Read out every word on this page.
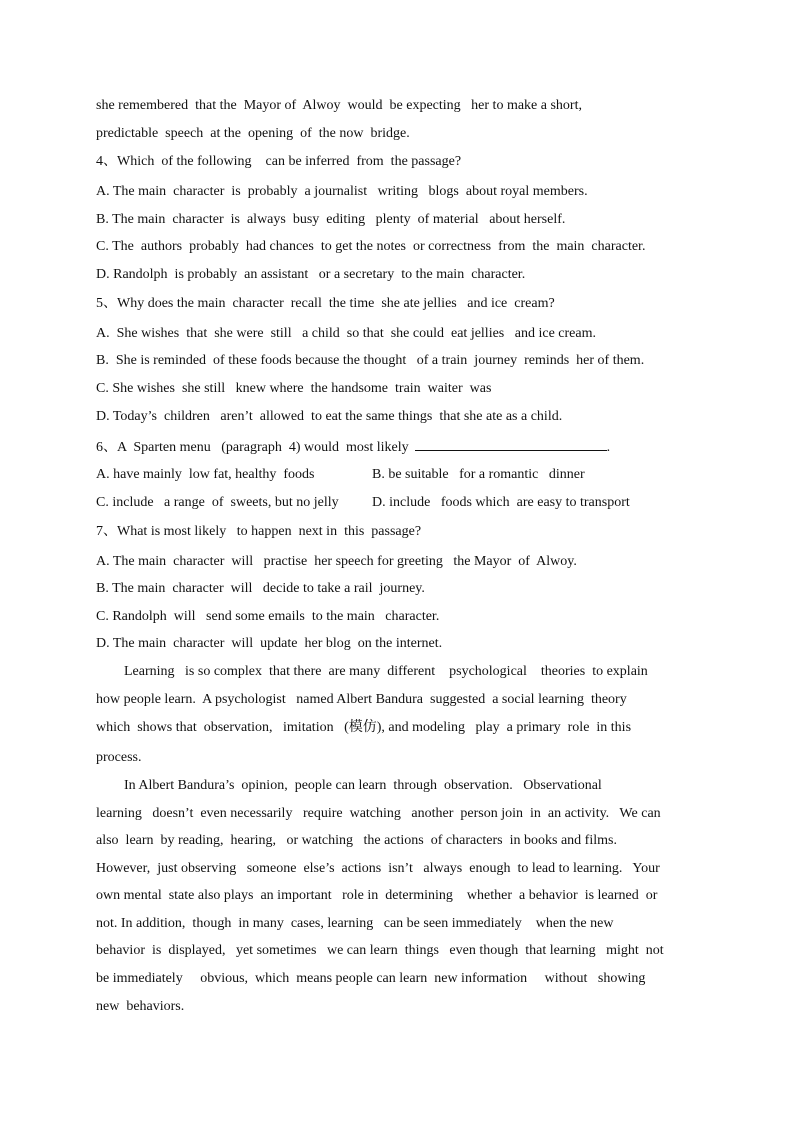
she remembered  that the  Mayor of  Alwoy  would  be expecting   her to make a short,
predictable  speech  at the  opening  of  the now  bridge.
4、Which  of the following    can be inferred  from  the passage?
A. The main  character  is  probably  a journalist   writing   blogs  about royal members.
B. The main  character  is  always  busy  editing   plenty  of material   about herself.
C. The  authors  probably  had chances  to get the notes  or correctness  from  the  main  character.
D. Randolph  is probably  an assistant   or a secretary  to the main  character.
5、Why does the main  character  recall  the time  she ate jellies   and ice  cream?
A.  She wishes  that  she were  still   a child  so that  she could  eat jellies   and ice cream.
B.  She is reminded  of these foods because the thought   of a train  journey  reminds  her of them.
C. She wishes  she still   knew where  the handsome  train  waiter  was
D. Today’s  children   aren’t  allowed  to eat the same things  that she ate as a child.
6、A  Sparten menu   (paragraph  4) would  most likely	.
A. have mainly  low fat, healthy  foods	B. be suitable   for a romantic   dinner
C. include   a range  of  sweets, but no jelly D. include   foods which  are easy to transport
7、What is most likely   to happen  next in  this  passage?
A. The main  character  will   practise  her speech for greeting   the Mayor  of  Alwoy.
B. The main  character  will   decide to take a rail  journey.
C. Randolph  will   send some emails  to the main   character.
D. The main  character  will  update  her blog  on the internet.
Learning   is so complex  that there  are many  different    psychological    theories  to explain
how people learn.  A psychologist   named Albert Bandura  suggested  a social learning  theory
which  shows that  observation,   imitation   (模仿), and modeling   play  a primary  role  in this
process.
In Albert Bandura’s  opinion,  people can learn  through  observation.   Observational
learning   doesn’t  even necessarily   require  watching   another  person join  in  an activity.   We can
also  learn  by reading,  hearing,   or watching   the actions  of characters  in books and films.
However,  just observing   someone  else’s  actions  isn’t   always  enough  to lead to learning.   Your
own mental  state also plays  an important   role in  determining    whether  a behavior  is learned  or
not. In addition,  though  in many  cases, learning   can be seen immediately    when the new
behavior  is  displayed,   yet sometimes   we can learn  things   even though  that learning   might  not
be immediately     obvious,  which  means people can learn  new information     without   showing
new  behaviors.
